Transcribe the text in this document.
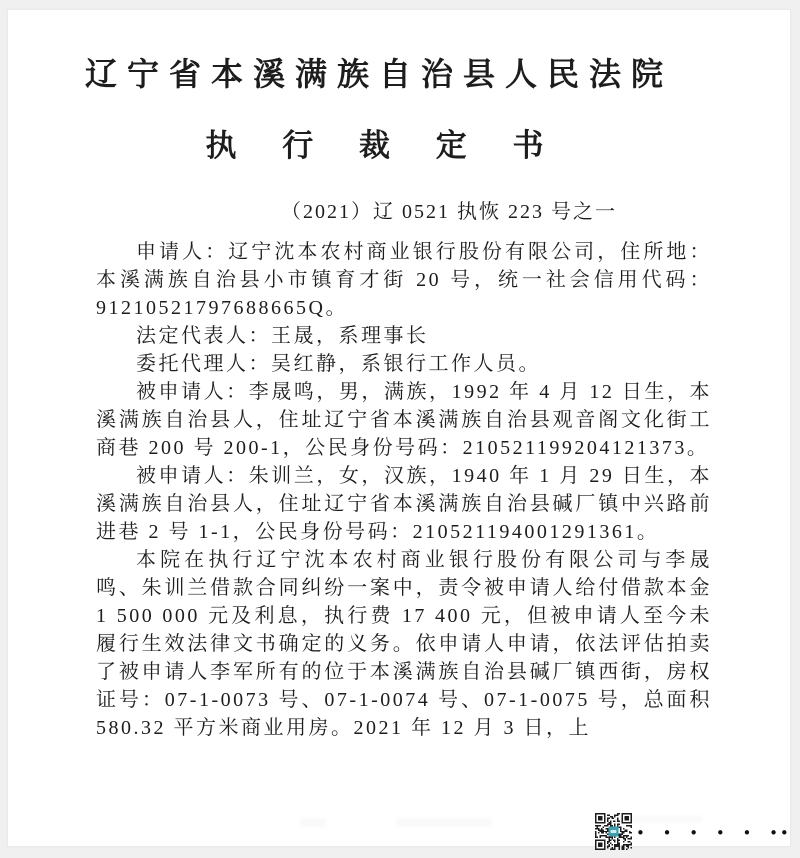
辽宁省本溪满族自治县人民法院
执 行 裁 定 书
（2021）辽 0521 执恢 223 号之一

申请人：辽宁沈本农村商业银行股份有限公司，住所地：本溪满族自治县小市镇育才街 20 号，统一社会信用代码：91210521797688665Q。

法定代表人：王晟，系理事长

委托代理人：吴红静，系银行工作人员。

被申请人：李晟鸣，男，满族，1992 年 4 月 12 日生，本溪满族自治县人，住址辽宁省本溪满族自治县观音阁文化街工商巷 200 号 200-1，公民身份号码：210521199204121373。

被申请人：朱训兰，女，汉族，1940 年 1 月 29 日生，本溪满族自治县人，住址辽宁省本溪满族自治县碱厂镇中兴路前进巷 2 号 1-1，公民身份号码：210521194001291361。

本院在执行辽宁沈本农村商业银行股份有限公司与李晟鸣、朱训兰借款合同纠纷一案中，责令被申请人给付借款本金 1 500 000 元及利息，执行费 17 400 元，但被申请人至今未履行生效法律文书确定的义务。依申请人申请，依法评估拍卖了被申请人李军所有的位于本溪满族自治县碱厂镇西街，房权证号：07-1-0073 号、07-1-0074 号、07-1-0075 号，总面积 580.32 平方米商业用房。2021 年 12 月 3 日，上

• • • • • ••
